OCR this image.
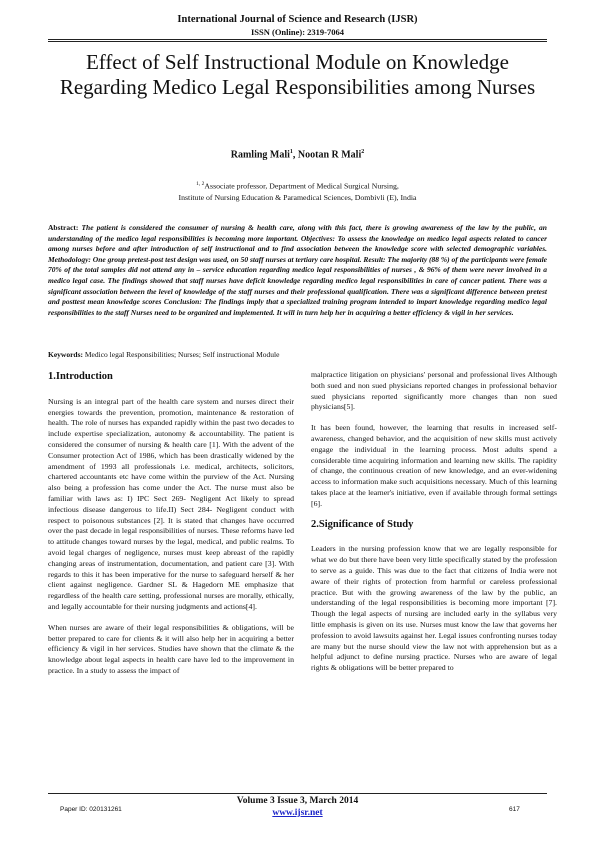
International Journal of Science and Research (IJSR)
ISSN (Online): 2319-7064
Effect of Self Instructional Module on Knowledge Regarding Medico Legal Responsibilities among Nurses
Ramling Mali$^1$, Nootan R Mali$^2$
$^{1, 2}$Associate professor, Department of Medical Surgical Nursing,
Institute of Nursing Education & Paramedical Sciences, Dombivli (E), India
Abstract: The patient is considered the consumer of nursing & health care, along with this fact, there is growing awareness of the law by the public, an understanding of the medico legal responsibilities is becoming more important. Objectives: To assess the knowledge on medico legal aspects related to cancer among nurses before and after introduction of self instructional and to find association between the knowledge score with selected demographic variables. Methodology: One group pretest-post test design was used, on 50 staff nurses at tertiary care hospital. Result: The majority (88 %) of the participants were female 70% of the total samples did not attend any in – service education regarding medico legal responsibilities of nurses , & 96% of them were never involved in a medico legal case. The findings showed that staff nurses have deficit knowledge regarding medico legal responsibilities in care of cancer patient. There was a significant association between the level of knowledge of the staff nurses and their professional qualification. There was a significant difference between pretest and posttest mean knowledge scores Conclusion: The findings imply that a specialized training program intended to impart knowledge regarding medico legal responsibilities to the staff Nurses need to be organized and implemented. It will in turn help her in acquiring a better efficiency & vigil in her services.
Keywords: Medico legal Responsibilities; Nurses; Self instructional Module
1.Introduction

Nursing is an integral part of the health care system and nurses direct their energies towards the prevention, promotion, maintenance & restoration of health. The role of nurses has expanded rapidly within the past two decades to include expertise specialization, autonomy & accountability. The patient is considered the consumer of nursing & health care [1]. With the advent of the Consumer protection Act of 1986, which has been drastically widened by the amendment of 1993 all professionals i.e. medical, architects, solicitors, chartered accountants etc have come within the purview of the Act. Nursing also being a profession has come under the Act. The nurse must also be familiar with laws as: I) IPC Sect 269- Negligent Act likely to spread infectious disease dangerous to life.II) Sect 284- Negligent conduct with respect to poisonous substances [2]. It is stated that changes have occurred over the past decade in legal responsibilities of nurses. These reforms have led to attitude changes toward nurses by the legal, medical, and public realms. To avoid legal charges of negligence, nurses must keep abreast of the rapidly changing areas of instrumentation, documentation, and patient care [3]. With regards to this it has been imperative for the nurse to safeguard herself & her client against negligence. Gardner SL & Hagedorn ME emphasize that regardless of the health care setting, professional nurses are morally, ethically, and legally accountable for their nursing judgments and actions[4].

When nurses are aware of their legal responsibilities & obligations, will be better prepared to care for clients & it will also help her in acquiring a better efficiency & vigil in her services. Studies have shown that the climate & the knowledge about legal aspects in health care have led to the improvement in practice. In a study to assess the impact of

malpractice litigation on physicians' personal and professional lives Although both sued and non sued physicians reported changes in professional behavior sued physicians reported significantly more changes than non sued physicians[5].

It has been found, however, the learning that results in increased self-awareness, changed behavior, and the acquisition of new skills must actively engage the individual in the learning process. Most adults spend a considerable time acquiring information and learning new skills. The rapidity of change, the continuous creation of new knowledge, and an ever-widening access to information make such acquisitions necessary. Much of this learning takes place at the learner's initiative, even if available through formal settings [6].

2.Significance of Study

Leaders in the nursing profession know that we are legally responsible for what we do but there have been very little specifically stated by the profession to serve as a guide. This was due to the fact that citizens of India were not aware of their rights of protection from harmful or careless professional practice. But with the growing awareness of the law by the public, an understanding of the legal responsibilities is becoming more important [7]. Though the legal aspects of nursing are included early in the syllabus very little emphasis is given on its use. Nurses must know the law that governs her profession to avoid lawsuits against her. Legal issues confronting nurses today are many but the nurse should view the law not with apprehension but as a helpful adjunct to define nursing practice. Nurses who are aware of legal rights & obligations will be better prepared to

Volume 3 Issue 3, March 2014
Paper ID: 020131261	617
www.ijsr.net
